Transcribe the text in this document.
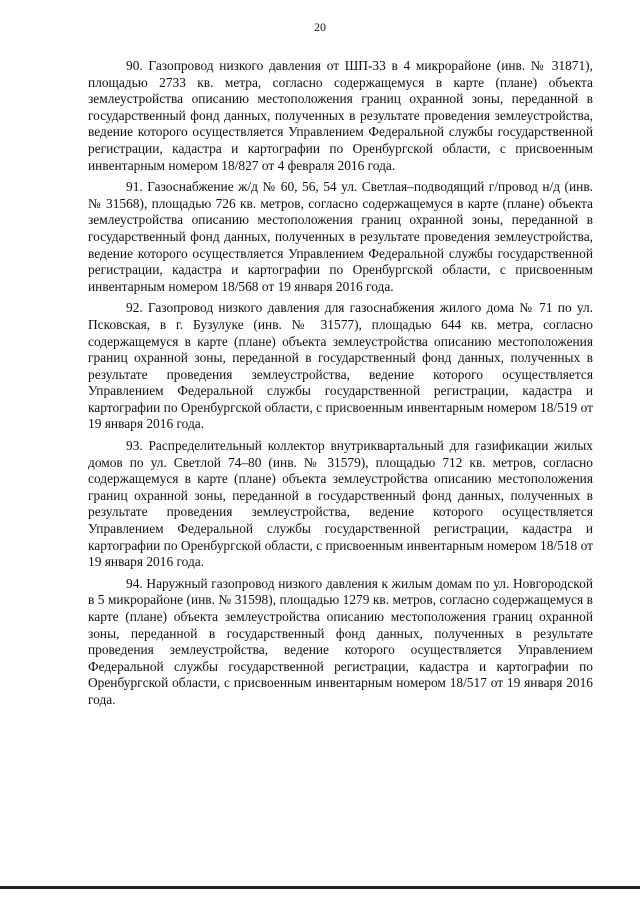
20

90. Газопровод низкого давления от ШП-33 в 4 микрорайоне (инв. № 31871), площадью 2733 кв. метра, согласно содержащемуся в карте (плане) объекта землеустройства описанию местоположения границ охранной зоны, переданной в государственный фонд данных, полученных в результате проведения землеустройства, ведение которого осуществляется Управлением Федеральной службы государственной регистрации, кадастра и картографии по Оренбургской области, с присвоенным инвентарным номером 18/827 от 4 февраля 2016 года.

91. Газоснабжение ж/д № 60, 56, 54 ул. Светлая–подводящий г/провод н/д (инв. № 31568), площадью 726 кв. метров, согласно содержащемуся в карте (плане) объекта землеустройства описанию местоположения границ охранной зоны, переданной в государственный фонд данных, полученных в результате проведения землеустройства, ведение которого осуществляется Управлением Федеральной службы государственной регистрации, кадастра и картографии по Оренбургской области, с присвоенным инвентарным номером 18/568 от 19 января 2016 года.

92. Газопровод низкого давления для газоснабжения жилого дома № 71 по ул. Псковская, в г. Бузулуке (инв. № 31577), площадью 644 кв. метра, согласно содержащемуся в карте (плане) объекта землеустройства описанию местоположения границ охранной зоны, переданной в государственный фонд данных, полученных в результате проведения землеустройства, ведение которого осуществляется Управлением Федеральной службы государственной регистрации, кадастра и картографии по Оренбургской области, с присвоенным инвентарным номером 18/519 от 19 января 2016 года.

93. Распределительный коллектор внутриквартальный для газификации жилых домов по ул. Светлой 74–80 (инв. № 31579), площадью 712 кв. метров, согласно содержащемуся в карте (плане) объекта землеустройства описанию местоположения границ охранной зоны, переданной в государственный фонд данных, полученных в результате проведения землеустройства, ведение которого осуществляется Управлением Федеральной службы государственной регистрации, кадастра и картографии по Оренбургской области, с присвоенным инвентарным номером 18/518 от 19 января 2016 года.

94. Наружный газопровод низкого давления к жилым домам по ул. Новгородской в 5 микрорайоне (инв. № 31598), площадью 1279 кв. метров, согласно содержащемуся в карте (плане) объекта землеустройства описанию местоположения границ охранной зоны, переданной в государственный фонд данных, полученных в результате проведения землеустройства, ведение которого осуществляется Управлением Федеральной службы государственной регистрации, кадастра и картографии по Оренбургской области, с присвоенным инвентарным номером 18/517 от 19 января 2016 года.
